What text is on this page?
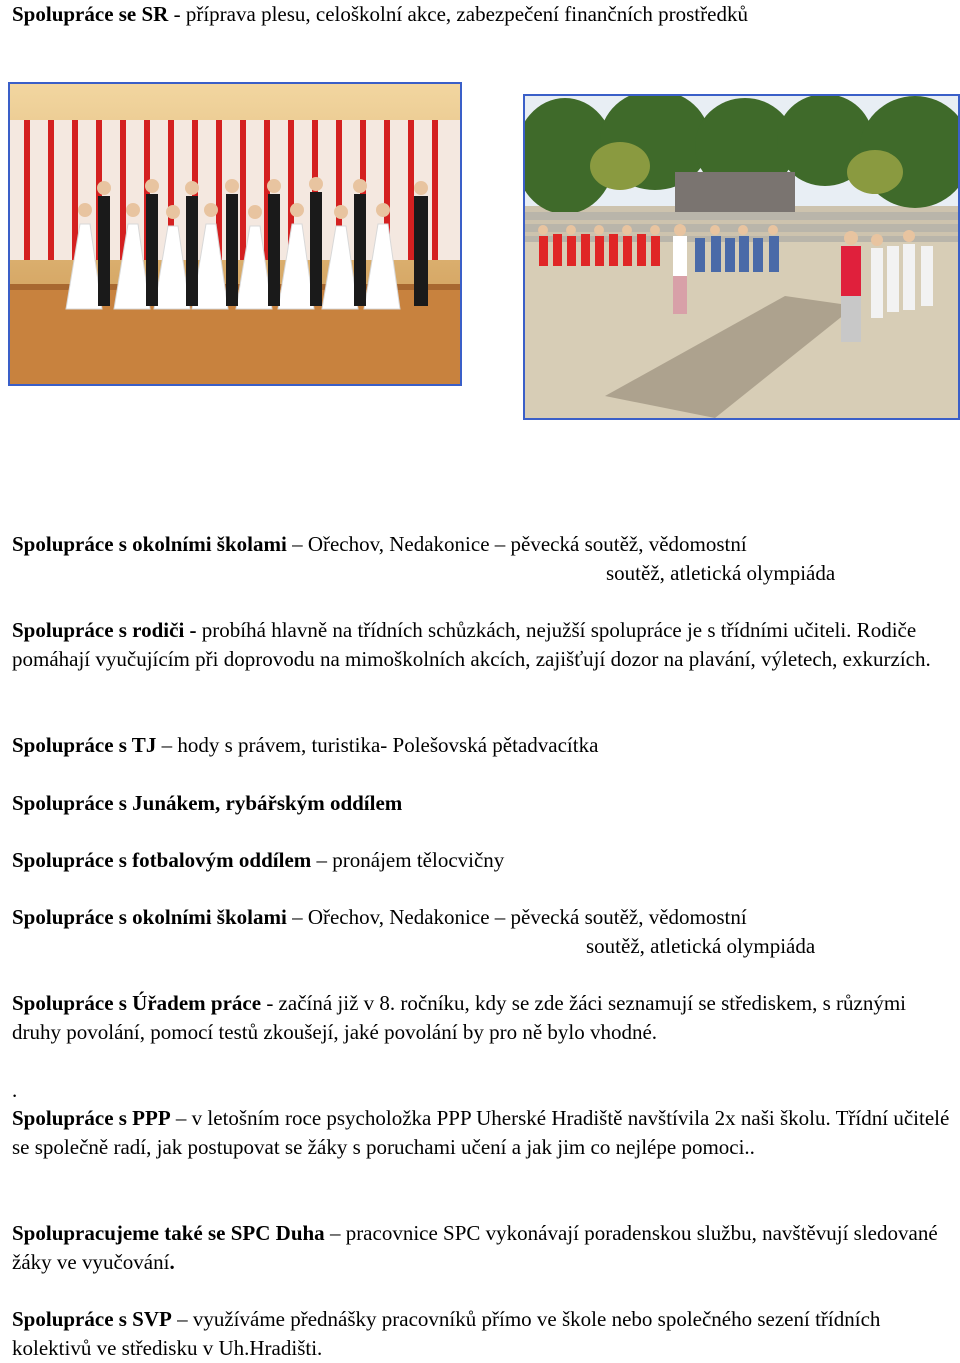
Spolupráce se SR - příprava plesu, celoškolní akce, zabezpečení finančních prostředků

Spolupráce s okolními školami – Ořechov, Nedakonice – pěvecká soutěž, vědomostní
soutěž, atletická olympiáda

Spolupráce s rodiči - probíhá hlavně na třídních schůzkách, nejužší spolupráce je s třídními učiteli. Rodiče pomáhají vyučujícím při doprovodu na mimoškolních akcích, zajišťují dozor na plavání, výletech, exkurzích.

Spolupráce s TJ – hody s právem, turistika- Polešovská pětadvacítka

Spolupráce s Junákem, rybářským oddílem

Spolupráce s fotbalovým oddílem – pronájem tělocvičny

Spolupráce s okolními školami – Ořechov, Nedakonice – pěvecká soutěž, vědomostní
soutěž, atletická olympiáda

Spolupráce s Úřadem práce - začíná již v 8. ročníku, kdy se zde žáci seznamují se střediskem, s různými druhy povolání, pomocí testů zkoušejí, jaké povolání by pro ně bylo vhodné.

.

Spolupráce s PPP – v letošním roce psycholožka PPP Uherské Hradiště navštívila 2x naši školu. Třídní učitelé se společně radí, jak postupovat se žáky s poruchami učení a jak jim co nejlépe pomoci..

Spolupracujeme také se SPC Duha – pracovnice SPC vykonávají poradenskou službu, navštěvují sledované žáky ve vyučování.

Spolupráce s SVP – využíváme přednášky pracovníků přímo ve škole nebo společného sezení třídních kolektivů ve středisku v Uh.Hradišti.
